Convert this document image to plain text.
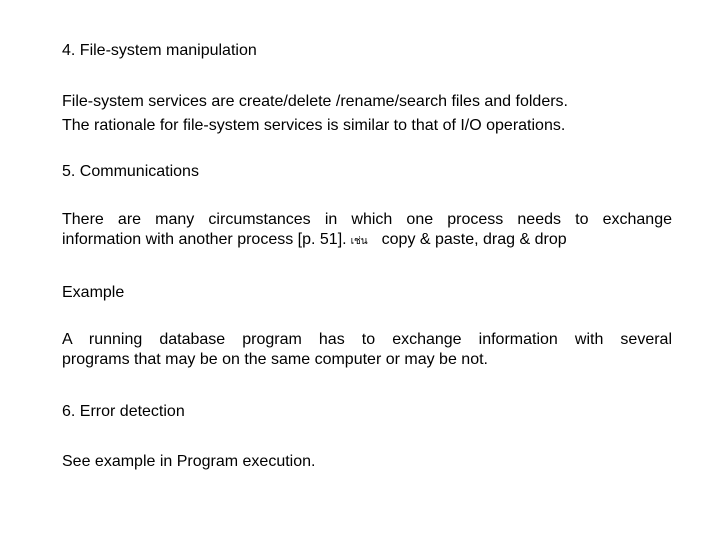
4. File-system manipulation
File-system services are create/delete /rename/search files and folders.
The rationale for file-system services is similar to that of I/O operations.
5. Communications
There are many circumstances in which one process needs to exchange
information with another process [p. 51]. เช่น copy & paste, drag & drop
Example
A running database program has to exchange information with several
programs that may be on the same computer or may be not.
6. Error detection
See example in Program execution.
